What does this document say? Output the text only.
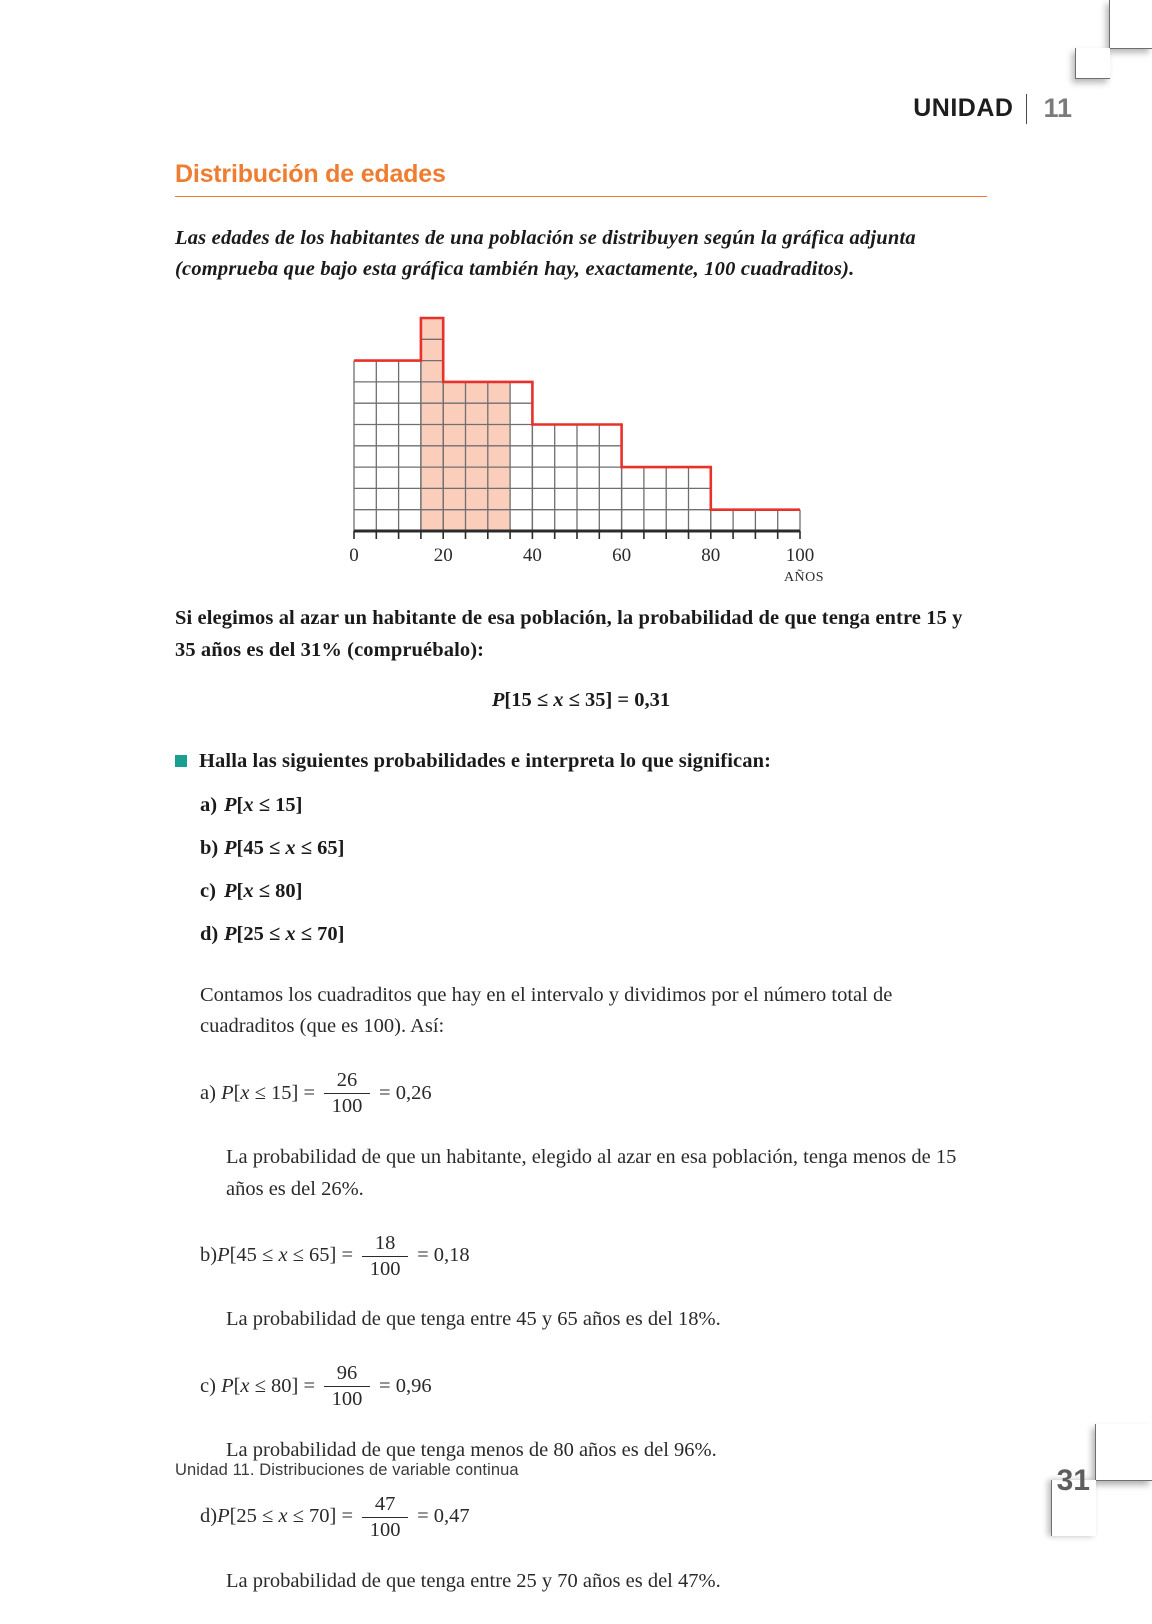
UNIDAD	11
Distribución de edades

Las edades de los habitantes de una población se distribuyen según la gráfica adjunta (comprueba que bajo esta gráfica también hay, exactamente, 100 cuadraditos).

0	20	40	60	80	100
AÑOS

Si elegimos al azar un habitante de esa población, la probabilidad de que tenga entre 15 y 35 años es del 31% (compruébalo):

P[15 ≤ x ≤ 35] = 0,31

Halla las siguientes probabilidades e interpreta lo que significan:
a) P[x ≤ 15]
b) P[45 ≤ x ≤ 65]
c) P[x ≤ 80]
d) P[25 ≤ x ≤ 70]

Contamos los cuadraditos que hay en el intervalo y dividimos por el número total de cuadraditos (que es 100). Así:

a) $P[x \le 15] = \frac{26}{100} = 0,26$

La probabilidad de que un habitante, elegido al azar en esa población, tenga menos de 15 años es del 26%.

$b)P[45 \le x \le 65] = \frac{18}{100} = 0,18$

La probabilidad de que tenga entre 45 y 65 años es del 18%.

c) $P[x \le 80] = \frac{96}{100} = 0,96$

La probabilidad de que tenga menos de 80 años es del 96%.

$d)P[25 \le x \le 70] = \frac{47}{100} = 0,47$

La probabilidad de que tenga entre 25 y 70 años es del 47%.

Unidad 11. Distribuciones de variable continua	31
